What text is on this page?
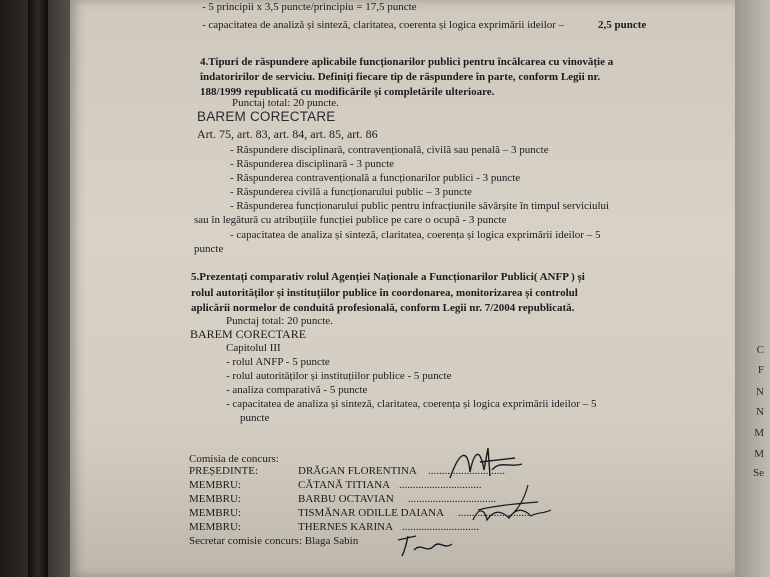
- 5 principii x 3,5 puncte/principiu = 17,5 puncte
- capacitatea de analiză și sinteză, claritatea, coerenta și logica exprimării ideilor –	2,5 puncte
4.Tipuri de răspundere aplicabile funcționarilor publici pentru încălcarea cu vinovăție a
îndatoririlor de serviciu. Definiți fiecare tip de răspundere în parte, conform Legii nr.
188/1999 republicată cu modificările și completările ulterioare.
Punctaj total: 20 puncte.
BAREM CORECTARE
Art. 75, art. 83, art. 84, art. 85, art. 86
- Răspundere disciplinară, contravențională, civilă sau penală – 3 puncte
- Răspunderea disciplinară - 3 puncte
- Răspunderea contravențională a funcționarilor publici - 3 puncte
- Răspunderea civilă a funcționarului public – 3 puncte
- Răspunderea funcționarului public pentru infracțiunile săvârșite în timpul serviciului
sau în legătură cu atribuțiile funcției publice pe care o ocupă - 3 puncte
- capacitatea de analiza și sinteză, claritatea, coerența și logica exprimării ideilor – 5
puncte
5.Prezentați comparativ rolul Agenției Naționale a Funcționarilor Publici( ANFP ) și
rolul autorităților și instituțiilor publice în coordonarea, monitorizarea și controlul
aplicării normelor de conduită profesională, conform Legii nr. 7/2004 republicată.
Punctaj total: 20 puncte.
BAREM CORECTARE
Capitolul III
- rolul ANFP - 5 puncte
- rolul autorităților și instituțiilor publice - 5 puncte
- analiza comparativă - 5 puncte
- capacitatea de analiza și sinteză, claritatea, coerența și logica exprimării ideilor – 5
puncte
Comisia de concurs:
PREȘEDINTE:	DRĂGAN FLORENTINA ............................
MEMBRU:	CĂTANĂ TITIANA ..............................
MEMBRU:	BARBU OCTAVIAN ................................
MEMBRU:	TISMĂNAR ODILLE DAIANA ..........................
MEMBRU:	THERNES KARINA ............................
Secretar comisie concurs: Blaga Sabin
C
F
N
N
M
M
Se
